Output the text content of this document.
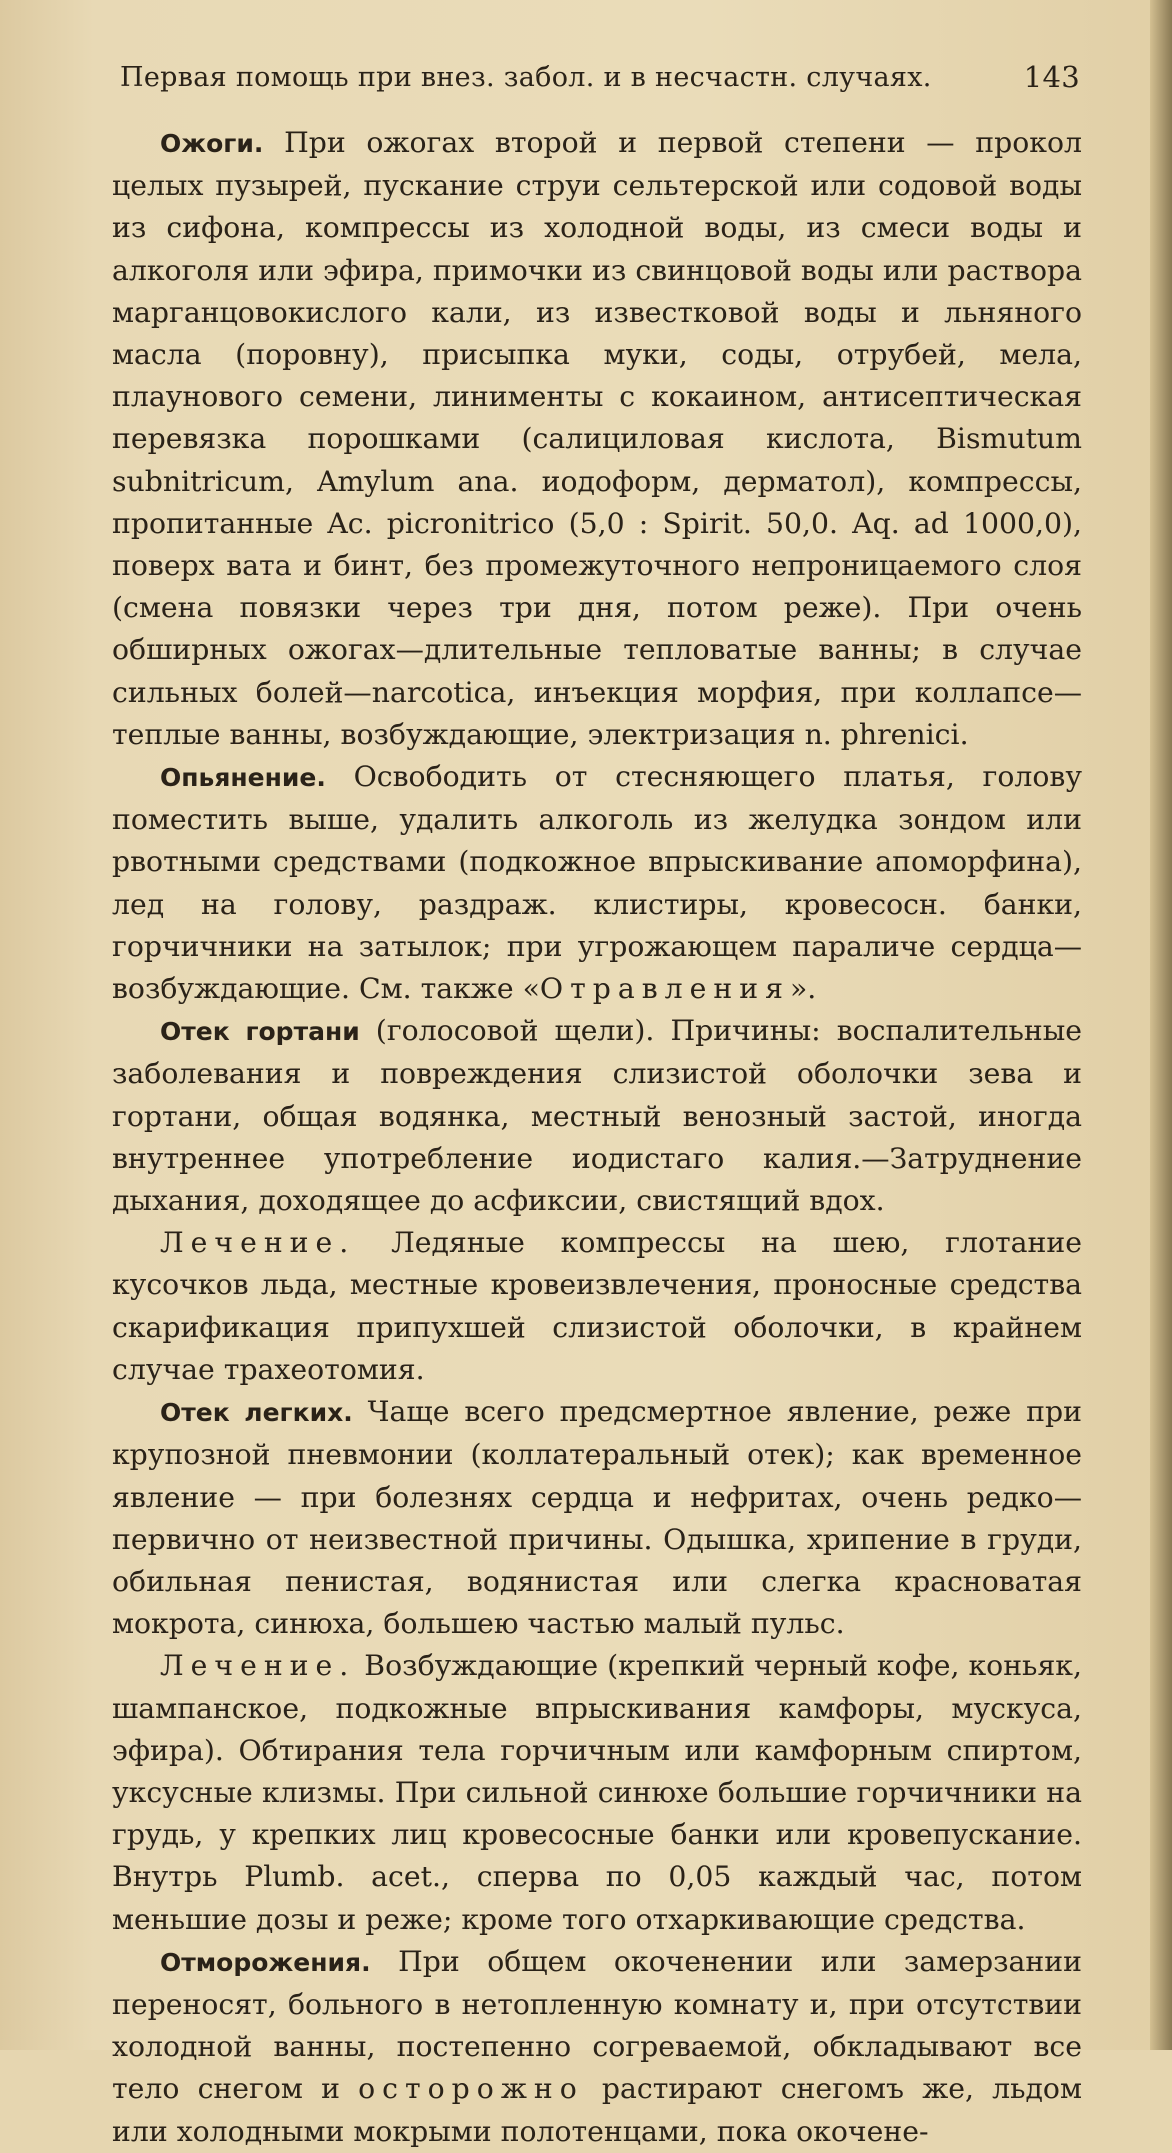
Первая помощь при внез. забол. и в несчастн. случаях.	143

Ожоги. При ожогах второй и первой степени — прокол целых пузырей, пускание струи сельтерской или содовой воды из сифона, компрессы из холодной воды, из смеси воды и алкоголя или эфира, примочки из свинцовой воды или раствора марганцовокислого кали, из известковой воды и льняного масла (поровну), присыпка муки, соды, отрубей, мела, плаунового семени, линименты с кокаином, антисептическая перевязка порошками (салициловая кислота, Bismutum subnitricum, Amylum ana. иодоформ, дерматол), компрессы, пропитанные Ac. picronitrico (5,0 : Spirit. 50,0. Aq. ad 1000,0), поверх вата и бинт, без промежуточного непроницаемого слоя (смена повязки через три дня, потом реже). При очень обширных ожогах—длительные тепловатые ванны; в случае сильных болей—narcotica, инъекция морфия, при коллапсе—теплые ванны, возбуждающие, электризация n. phrenici.

Опьянение. Освободить от стесняющего платья, голову поместить выше, удалить алкоголь из желудка зондом или рвотными средствами (подкожное впрыскивание апоморфина), лед на голову, раздраж. клистиры, кровесосн. банки, горчичники на затылок; при угрожающем параличе сердца—возбуждающие. См. также «Отравления».

Отек гортани (голосовой щели). Причины: воспалительные заболевания и повреждения слизистой оболочки зева и гортани, общая водянка, местный венозный застой, иногда внутреннее употребление иодистаго калия.—Затруднение дыхания, доходящее до асфиксии, свистящий вдох.

Лечение. Ледяные компрессы на шею, глотание кусочков льда, местные кровеизвлечения, проносные средства скарификация припухшей слизистой оболочки, в крайнем случае трахеотомия.

Отек легких. Чаще всего предсмертное явление, реже при крупозной пневмонии (коллатеральный отек); как временное явление — при болезнях сердца и нефритах, очень редко—первично от неизвестной причины. Одышка, хрипение в груди, обильная пенистая, водянистая или слегка красноватая мокрота, синюха, большею частью малый пульс.

Лечение. Возбуждающие (крепкий черный кофе, коньяк, шампанское, подкожные впрыскивания камфоры, мускуса, эфира). Обтирания тела горчичным или камфорным спиртом, уксусные клизмы. При сильной синюхе большие горчичники на грудь, у крепких лиц кровесосные банки или кровепускание. Внутрь Plumb. acet., сперва по 0,05 каждый час, потом меньшие дозы и реже; кроме того отхаркивающие средства.

Отморожения. При общем окоченении или замерзании переносят, больного в нетопленную комнату и, при отсутствии холодной ванны, постепенно согреваемой, обкладывают все тело снегом и осторожно растирают снегомъ же, льдом или холодными мокрыми полотенцами, пока окочене-
